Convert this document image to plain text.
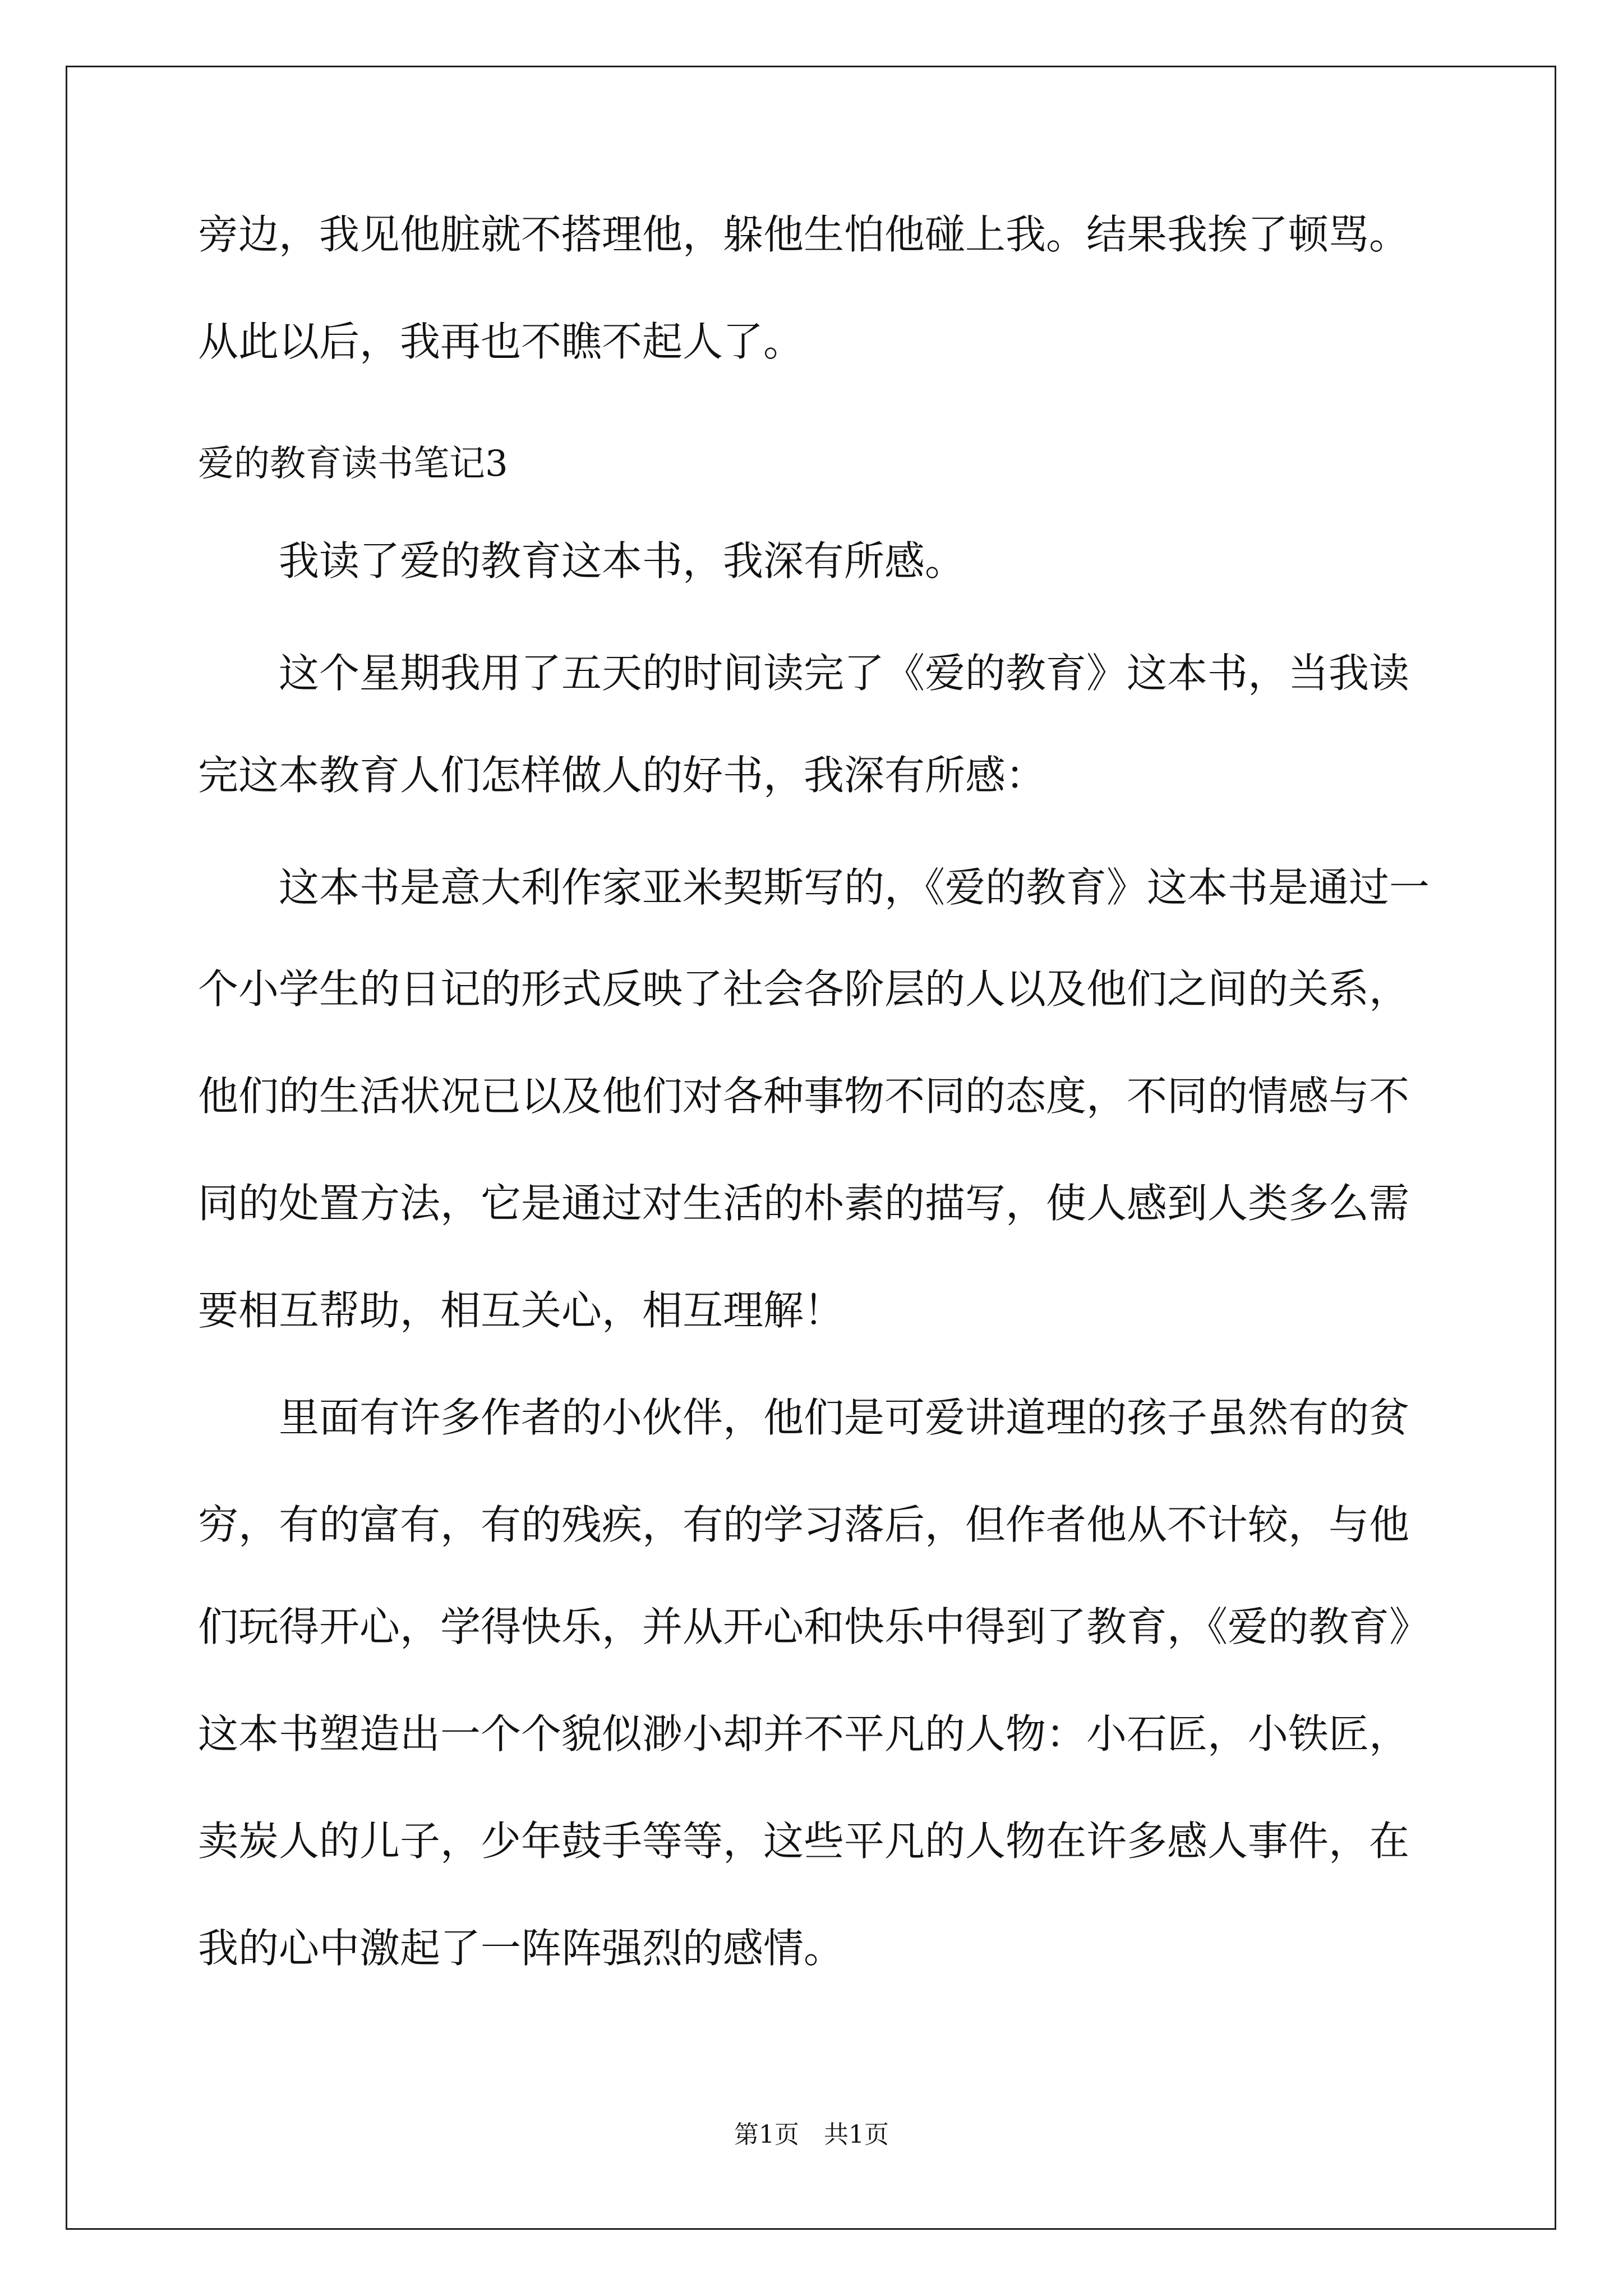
旁边，我见他脏就不搭理他，躲他生怕他碰上我。结果我挨了顿骂。
从此以后，我再也不瞧不起人了。
爱的教育读书笔记3
我读了爱的教育这本书，我深有所感。
这个星期我用了五天的时间读完了《爱的教育》这本书，当我读
完这本教育人们怎样做人的好书，我深有所感：
这本书是意大利作家亚米契斯写的，《爱的教育》这本书是通过一
个小学生的日记的形式反映了社会各阶层的人以及他们之间的关系，
他们的生活状况已以及他们对各种事物不同的态度，不同的情感与不
同的处置方法，它是通过对生活的朴素的描写，使人感到人类多么需
要相互帮助，相互关心，相互理解！
里面有许多作者的小伙伴，他们是可爱讲道理的孩子虽然有的贫
穷，有的富有，有的残疾，有的学习落后，但作者他从不计较，与他
们玩得开心，学得快乐，并从开心和快乐中得到了教育，《爱的教育》
这本书塑造出一个个貌似渺小却并不平凡的人物：小石匠，小铁匠，
卖炭人的儿子，少年鼓手等等，这些平凡的人物在许多感人事件，在
我的心中激起了一阵阵强烈的感情。
第1页　共1页
